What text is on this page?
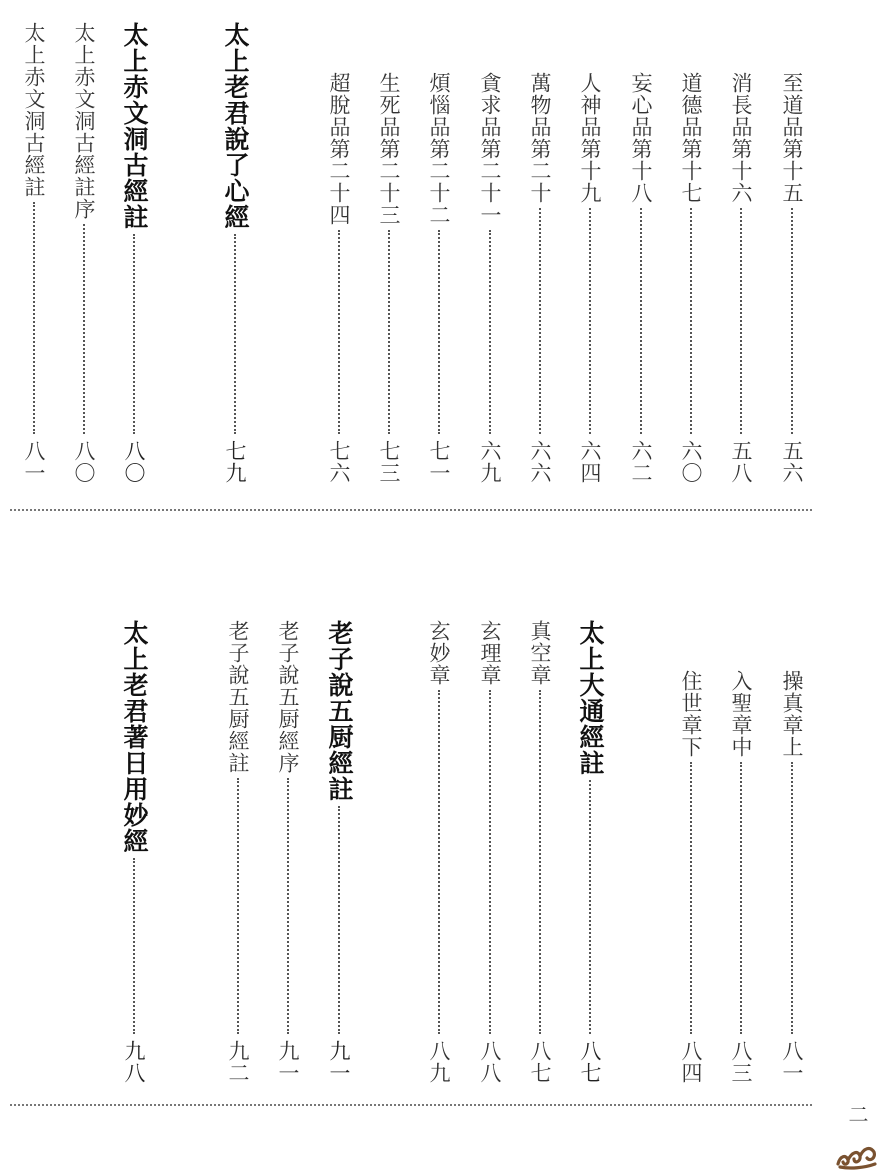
至道品第十五
五六
消長品第十六
五八
道德品第十七
六〇
妄心品第十八
六二
人神品第十九
六四
萬物品第二十
六六
貪求品第二十一
六九
煩惱品第二十二
七一
生死品第二十三
七三
超脫品第二十四
七六
太上老君說了心經
七九
太上赤文洞古經註
八〇
太上赤文洞古經註序
八〇
太上赤文洞古經註
八一
操真章上
八一
入聖章中
八三
住世章下
八四
太上大通經註
八七
真空章
八七
玄理章
八八
玄妙章
八九
老子說五厨經註
九一
老子說五厨經序
九一
老子說五厨經註
九二
太上老君著日用妙經
九八
二
